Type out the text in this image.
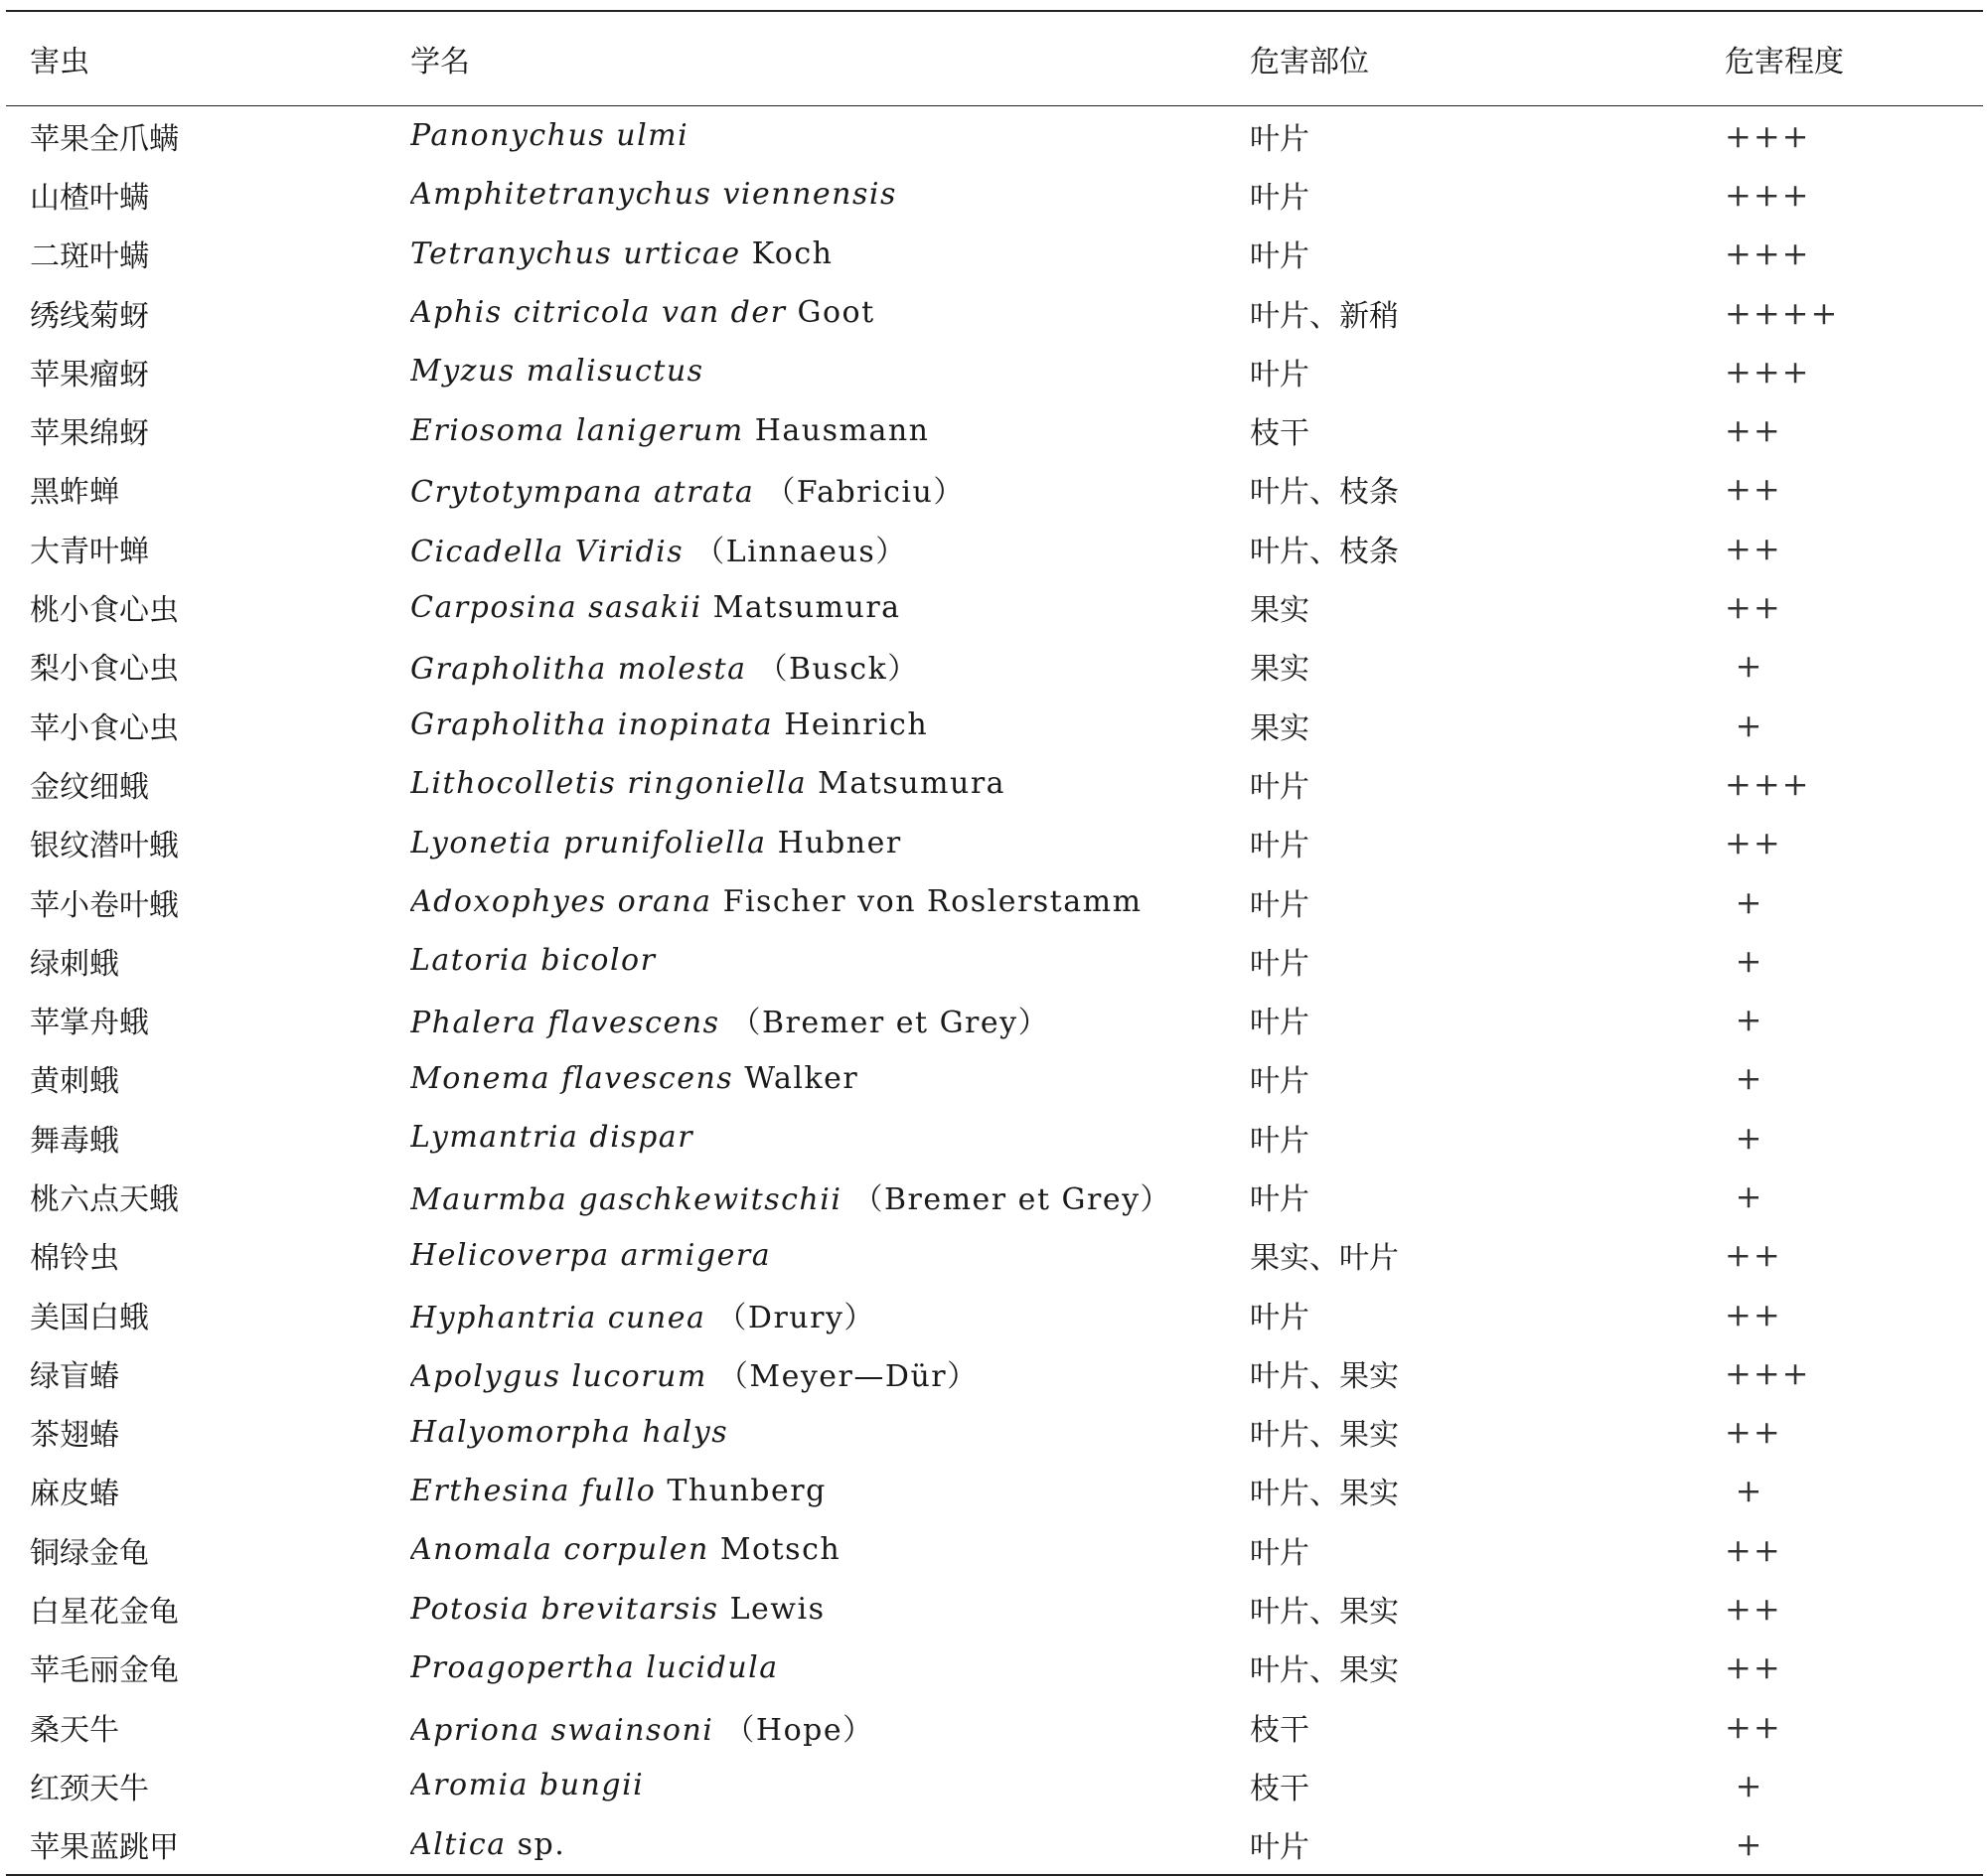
害虫	学名	危害部位	危害程度
苹果全爪螨	Panonychus ulmi	叶片	+++
山楂叶螨	Amphitetranychus viennensis	叶片	+++
二斑叶螨	Tetranychus urticae Koch	叶片	+++
绣线菊蚜	Aphis citricola van der Goot	叶片、新稍	++++
苹果瘤蚜	Myzus malisuctus	叶片	+++
苹果绵蚜	Eriosoma lanigerum Hausmann	枝干	++
黑蚱蝉	Crytotympana atrata （Fabriciu）	叶片、枝条	++
大青叶蝉	Cicadella Viridis （Linnaeus）	叶片、枝条	++
桃小食心虫	Carposina sasakii Matsumura	果实	++
梨小食心虫	Grapholitha molesta （Busck）	果实	+
苹小食心虫	Grapholitha inopinata Heinrich	果实	+
金纹细蛾	Lithocolletis ringoniella Matsumura	叶片	+++
银纹潜叶蛾	Lyonetia prunifoliella Hubner	叶片	++
苹小卷叶蛾	Adoxophyes orana Fischer von Roslerstamm	叶片	+
绿刺蛾	Latoria bicolor	叶片	+
苹掌舟蛾	Phalera flavescens （Bremer et Grey）	叶片	+
黄刺蛾	Monema flavescens Walker	叶片	+
舞毒蛾	Lymantria dispar	叶片	+
桃六点天蛾	Maurmba gaschkewitschii （Bremer et Grey）	叶片	+
棉铃虫	Helicoverpa armigera	果实、叶片	++
美国白蛾	Hyphantria cunea （Drury）	叶片	++
绿盲蝽	Apolygus lucorum （Meyer—Dür）	叶片、果实	+++
茶翅蝽	Halyomorpha halys	叶片、果实	++
麻皮蝽	Erthesina fullo Thunberg	叶片、果实	+
铜绿金龟	Anomala corpulen Motsch	叶片	++
白星花金龟	Potosia brevitarsis Lewis	叶片、果实	++
苹毛丽金龟	Proagopertha lucidula	叶片、果实	++
桑天牛	Apriona swainsoni （Hope）	枝干	++
红颈天牛	Aromia bungii	枝干	+
苹果蓝跳甲	Altica sp.	叶片	+
